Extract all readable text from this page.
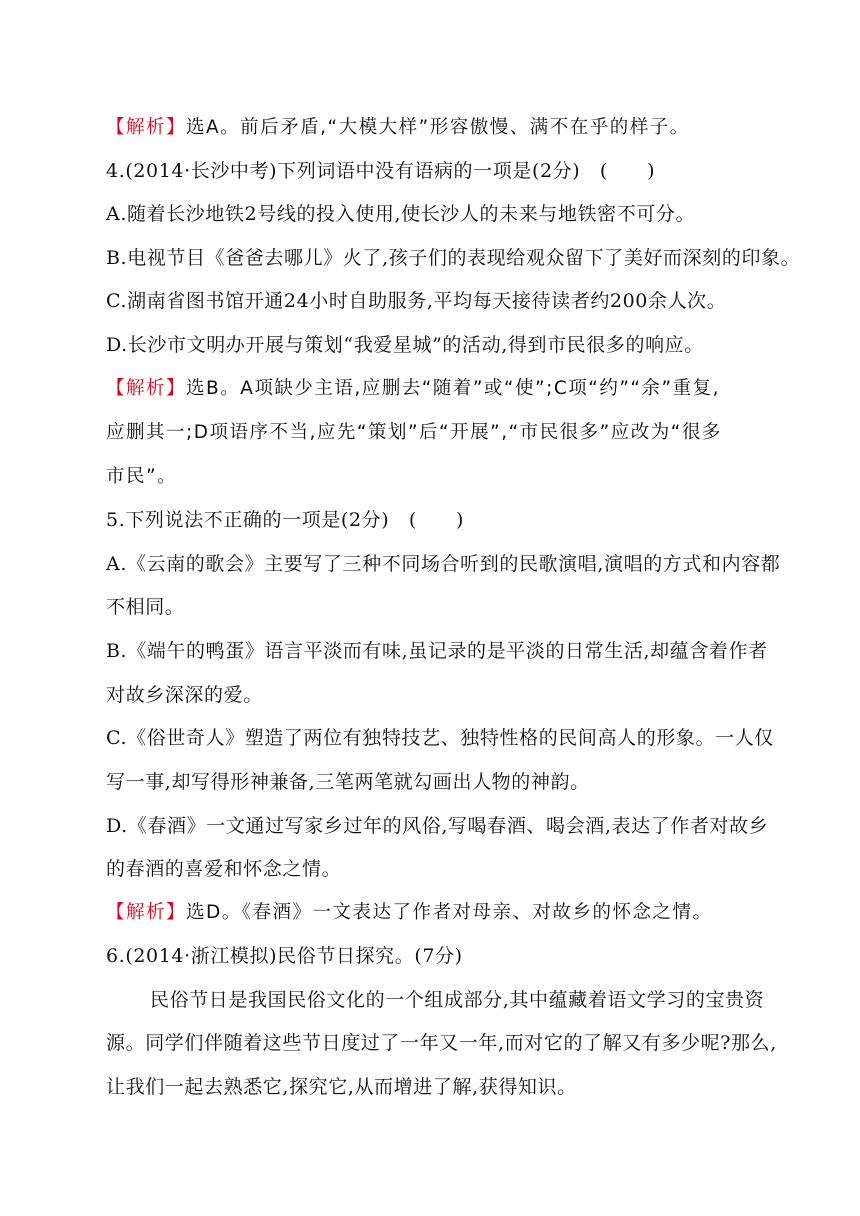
【解析】选A。前后矛盾,“大模大样”形容傲慢、满不在乎的样子。
4.(2014·长沙中考)下列词语中没有语病的一项是(2分)　(　　)
A.随着长沙地铁2号线的投入使用,使长沙人的未来与地铁密不可分。
B.电视节目《爸爸去哪儿》火了,孩子们的表现给观众留下了美好而深刻的印象。
C.湖南省图书馆开通24小时自助服务,平均每天接待读者约200余人次。
D.长沙市文明办开展与策划“我爱星城”的活动,得到市民很多的响应。
【解析】选B。A项缺少主语,应删去“随着”或“使”;C项“约”“余”重复,
应删其一;D项语序不当,应先“策划”后“开展”,“市民很多”应改为“很多
市民”。
5.下列说法不正确的一项是(2分)　(　　)
A.《云南的歌会》主要写了三种不同场合听到的民歌演唱,演唱的方式和内容都
不相同。
B.《端午的鸭蛋》语言平淡而有味,虽记录的是平淡的日常生活,却蕴含着作者
对故乡深深的爱。
C.《俗世奇人》塑造了两位有独特技艺、独特性格的民间高人的形象。一人仅
写一事,却写得形神兼备,三笔两笔就勾画出人物的神韵。
D.《春酒》一文通过写家乡过年的风俗,写喝春酒、喝会酒,表达了作者对故乡
的春酒的喜爱和怀念之情。
【解析】选D。《春酒》一文表达了作者对母亲、对故乡的怀念之情。
6.(2014·浙江模拟)民俗节日探究。(7分)
民俗节日是我国民俗文化的一个组成部分,其中蕴藏着语文学习的宝贵资
源。同学们伴随着这些节日度过了一年又一年,而对它的了解又有多少呢?那么,
让我们一起去熟悉它,探究它,从而增进了解,获得知识。
